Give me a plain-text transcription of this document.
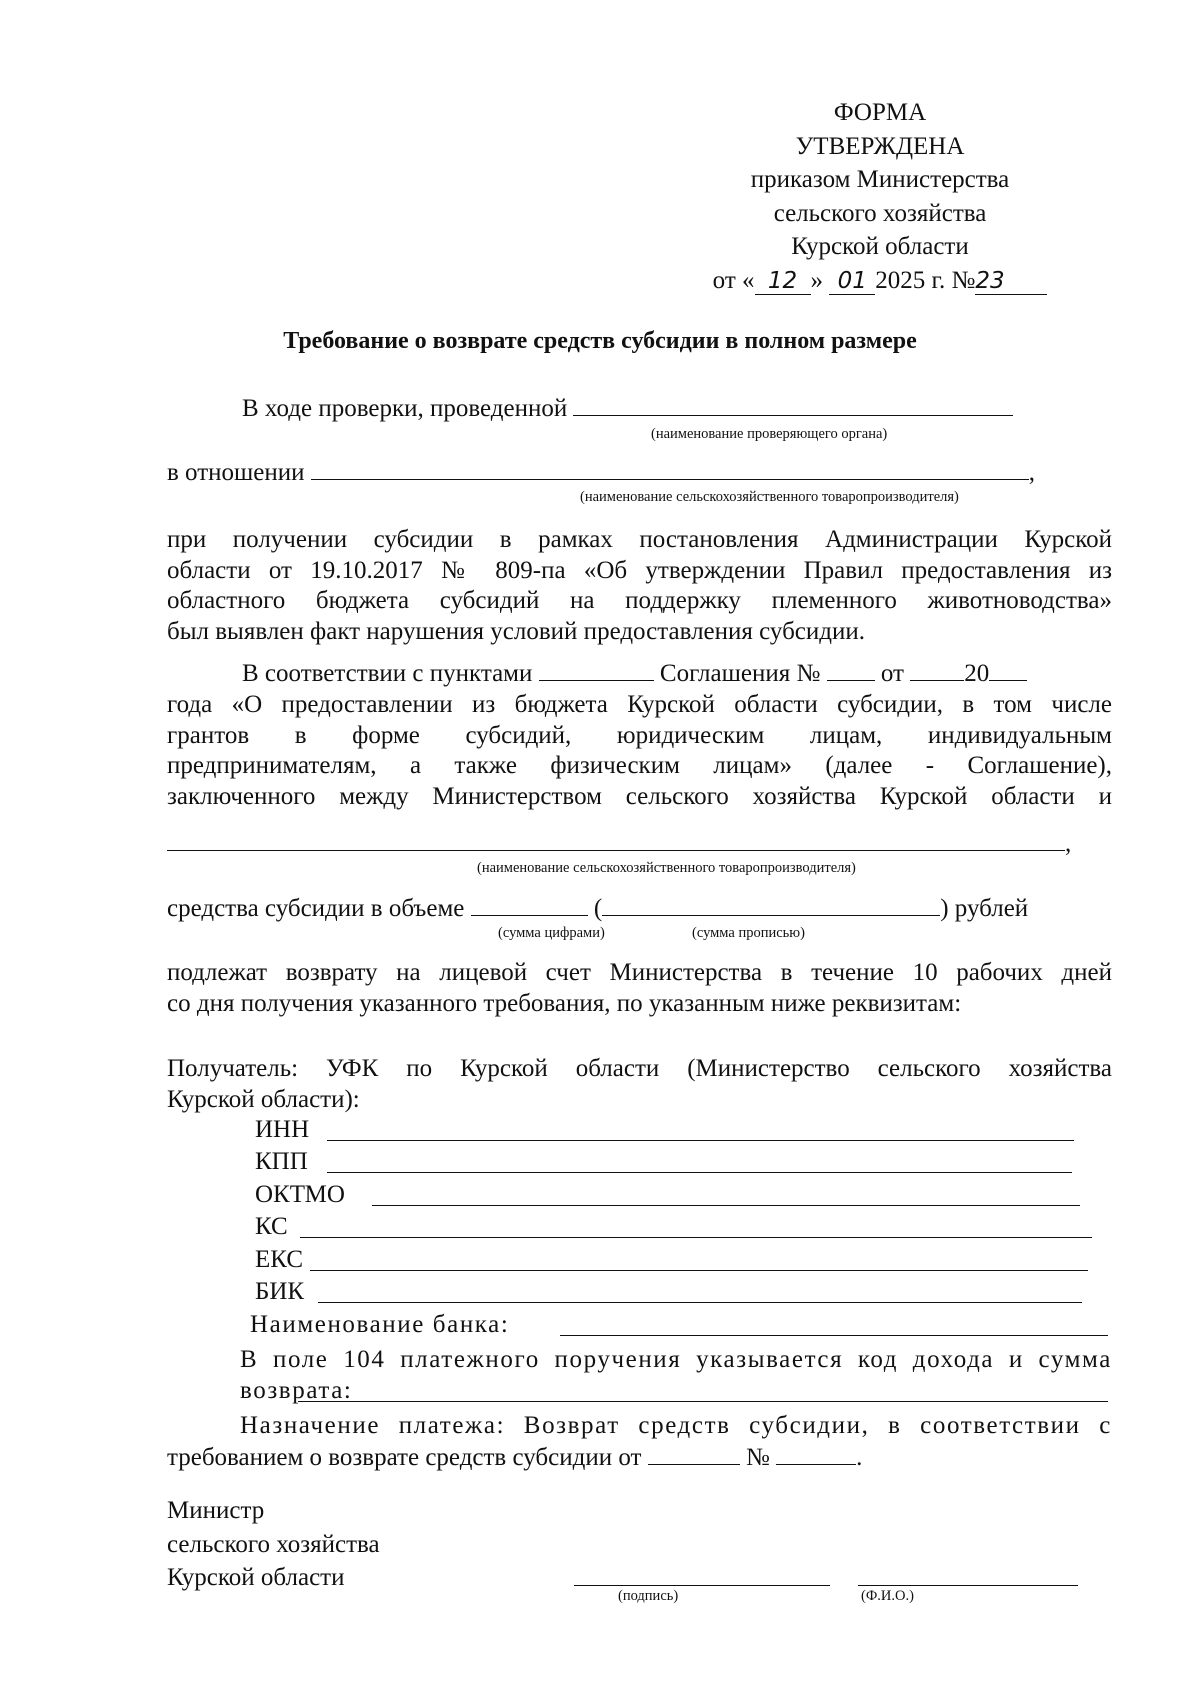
ФОРМА
УТВЕРЖДЕНА
приказом Министерства
сельского хозяйства
Курской области
от « 12 » 01 2025 г. №23
Требование о возврате средств субсидии в полном размере
В ходе проверки, проведенной
(наименование проверяющего органа)
в отношении	,
(наименование сельскохозяйственного товаропроизводителя)
при получении субсидии в рамках постановления Администрации Курской
области от 19.10.2017 № 809-па «Об утверждении Правил предоставления из
областного бюджета субсидий на поддержку племенного животноводства»
был выявлен факт нарушения условий предоставления субсидии.
В соответствии с пунктами	Соглашения № от 20
года «О предоставлении из бюджета Курской области субсидии, в том числе
грантов в форме субсидий, юридическим лицам, индивидуальным
предпринимателям, а также физическим лицам» (далее - Соглашение),
заключенного между Министерством сельского хозяйства Курской области и
,
(наименование сельскохозяйственного товаропроизводителя)
средства субсидии в объеме	(	) рублей
(сумма цифрами)	(сумма прописью)
подлежат возврату на лицевой счет Министерства в течение 10 рабочих дней
со дня получения указанного требования, по указанным ниже реквизитам:
Получатель: УФК по Курской области (Министерство сельского хозяйства
Курской области):
ИНН
КПП
ОКТМО
КС
ЕКС
БИК
Наименование банка:
В поле 104 платежного поручения указывается код дохода и сумма
возврата:
Назначение платежа: Возврат средств субсидии, в соответствии с
требованием о возврате средств субсидии от	№	.
Министр
сельского хозяйства
Курской области
(подпись)	(Ф.И.О.)
